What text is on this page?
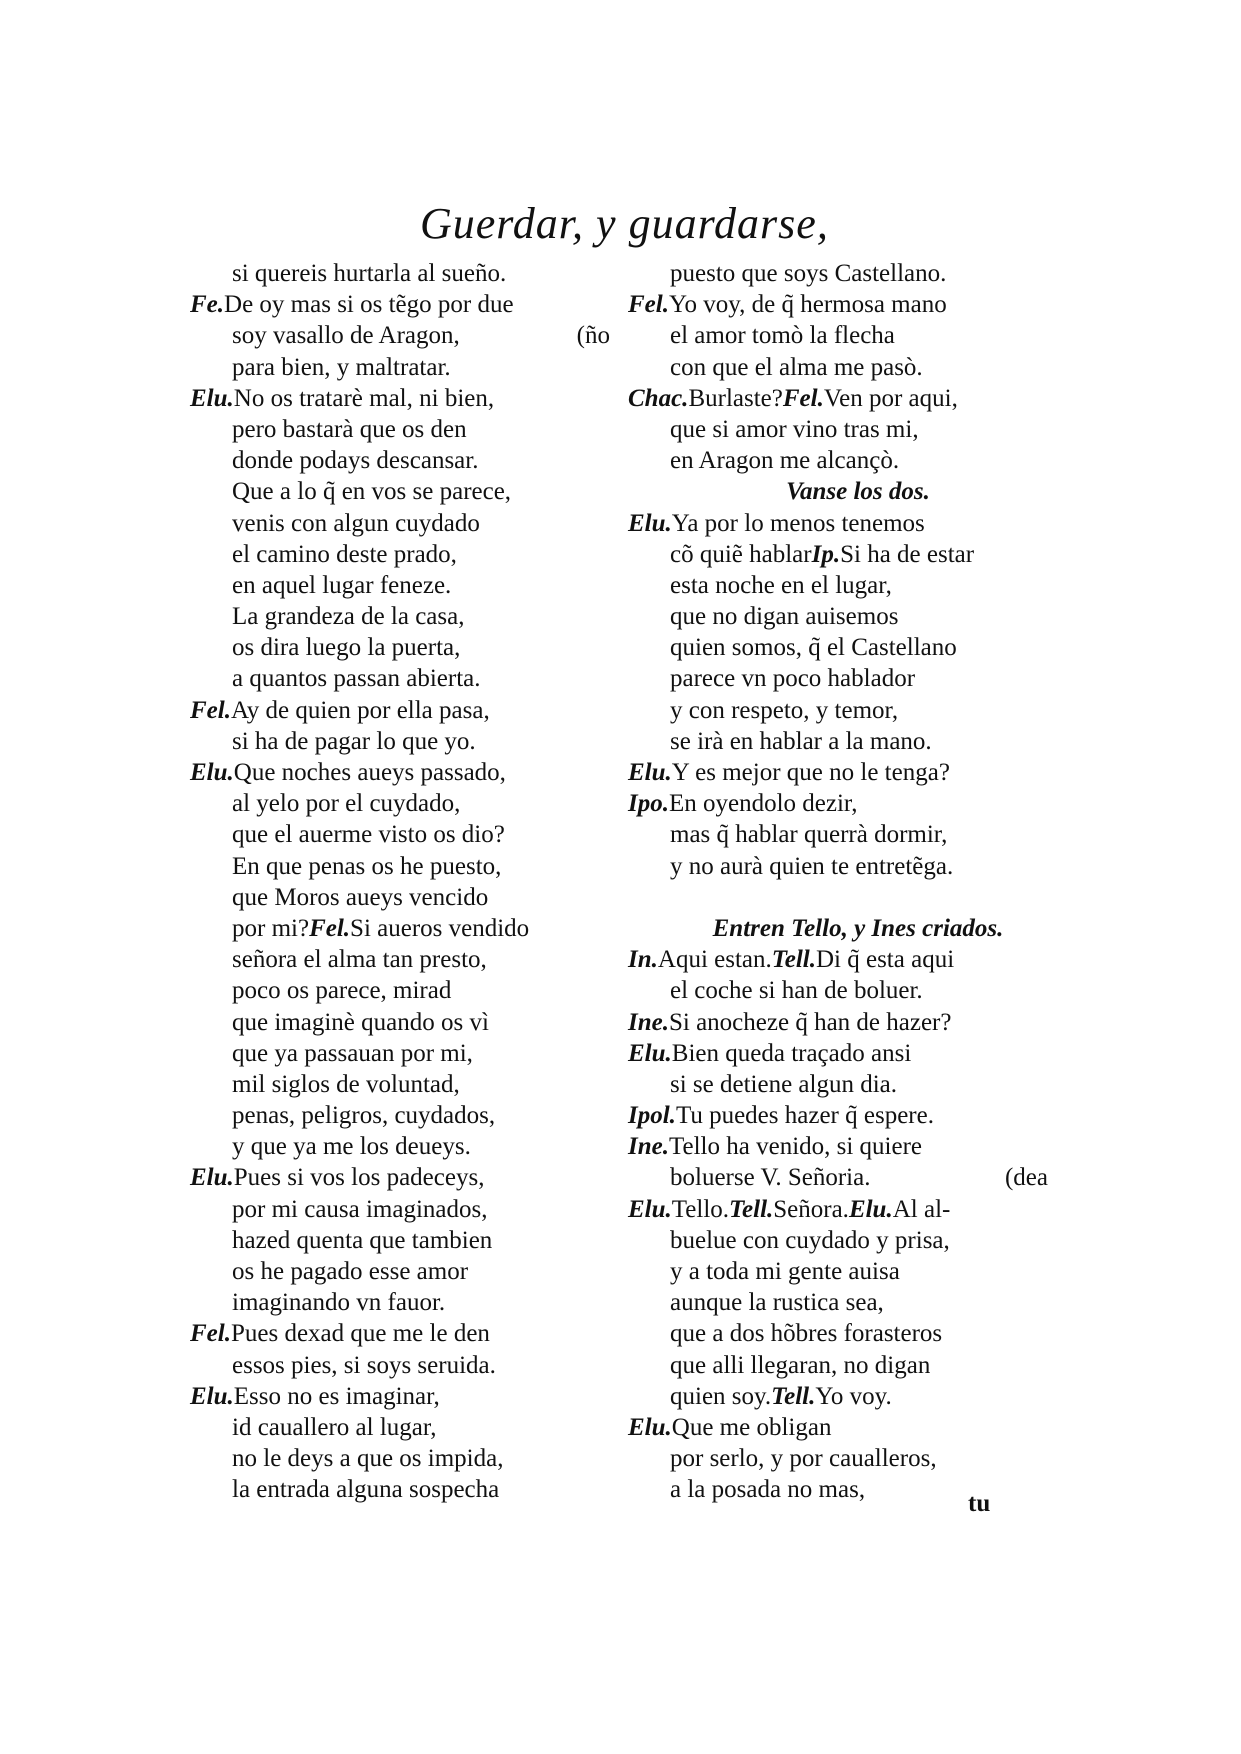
Guerdar, y guardarse,
si quereis hurtarla al sueño.
Fe.De oy mas si os tẽgo por due
soy vasallo de Aragon,	(ño
para bien, y maltratar.
Elu.No os tratarè mal, ni bien,
pero bastarà que os den
donde podays descansar.
Que a lo q̃ en vos se parece,
venis con algun cuydado
el camino deste prado,
en aquel lugar feneze.
La grandeza de la casa,
os dira luego la puerta,
a quantos passan abierta.
Fel.Ay de quien por ella pasa,
si ha de pagar lo que yo.
Elu.Que noches aueys passado,
al yelo por el cuydado,
que el auerme visto os dio?
En que penas os he puesto,
que Moros aueys vencido
por mi?Fel.Si aueros vendido
señora el alma tan presto,
poco os parece, mirad
que imaginè quando os vì
que ya passauan por mi,
mil siglos de voluntad,
penas, peligros, cuydados,
y que ya me los deueys.
Elu.Pues si vos los padeceys,
por mi causa imaginados,
hazed quenta que tambien
os he pagado esse amor
imaginando vn fauor.
Fel.Pues dexad que me le den
essos pies, si soys seruida.
Elu.Esso no es imaginar,
id cauallero al lugar,
no le deys a que os impida,
la entrada alguna sospecha
puesto que soys Castellano.
Fel.Yo voy, de q̃ hermosa mano
el amor tomò la flecha
con que el alma me pasò.
Chac.Burlaste?Fel.Ven por aqui,
que si amor vino tras mi,
en Aragon me alcançò.
Vanse los dos.
Elu.Ya por lo menos tenemos
cõ quiẽ hablarIp.Si ha de estar
esta noche en el lugar,
que no digan auisemos
quien somos, q̃ el Castellano
parece vn poco hablador
y con respeto, y temor,
se irà en hablar a la mano.
Elu.Y es mejor que no le tenga?
Ipo.En oyendolo dezir,
mas q̃ hablar querrà dormir,
y no aurà quien te entretẽga.
Entren Tello, y Ines criados.
In.Aqui estan.Tell.Di q̃ esta aqui
el coche si han de boluer.
Ine.Si anocheze q̃ han de hazer?
Elu.Bien queda traçado ansi
si se detiene algun dia.
Ipol.Tu puedes hazer q̃ espere.
Ine.Tello ha venido, si quiere
boluerse V. Señoria.	(dea
Elu.Tello.Tell.Señora.Elu.Al al-
buelue con cuydado y prisa,
y a toda mi gente auisa
aunque la rustica sea,
que a dos hõbres forasteros
que alli llegaran, no digan
quien soy.Tell.Yo voy.
Elu.Que me obligan
por serlo, y por caualleros,
a la posada no mas,
tu
